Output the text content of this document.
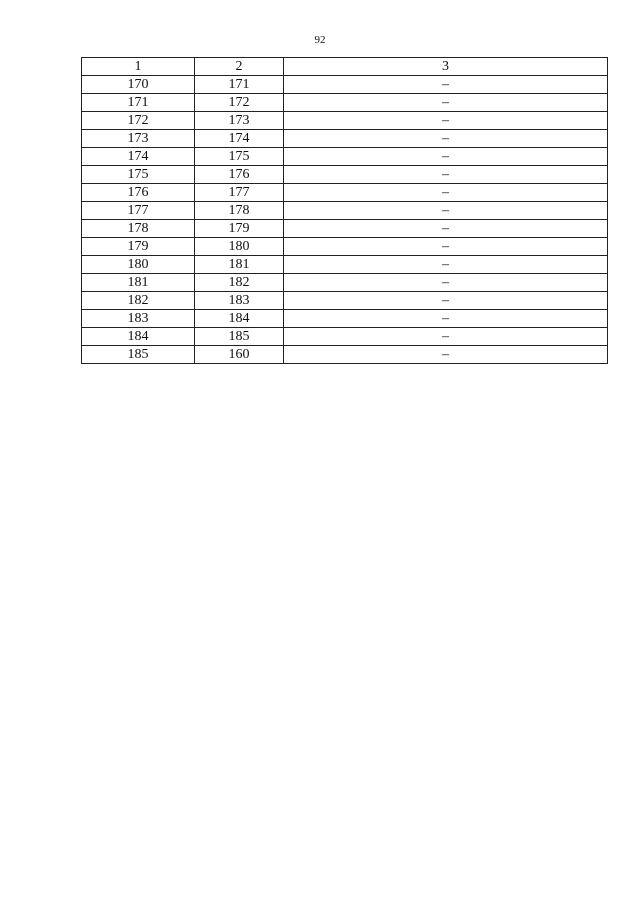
92
1	2	3
170	171	–
171	172	–
172	173	–
173	174	–
174	175	–
175	176	–
176	177	–
177	178	–
178	179	–
179	180	–
180	181	–
181	182	–
182	183	–
183	184	–
184	185	–
185	160	–
